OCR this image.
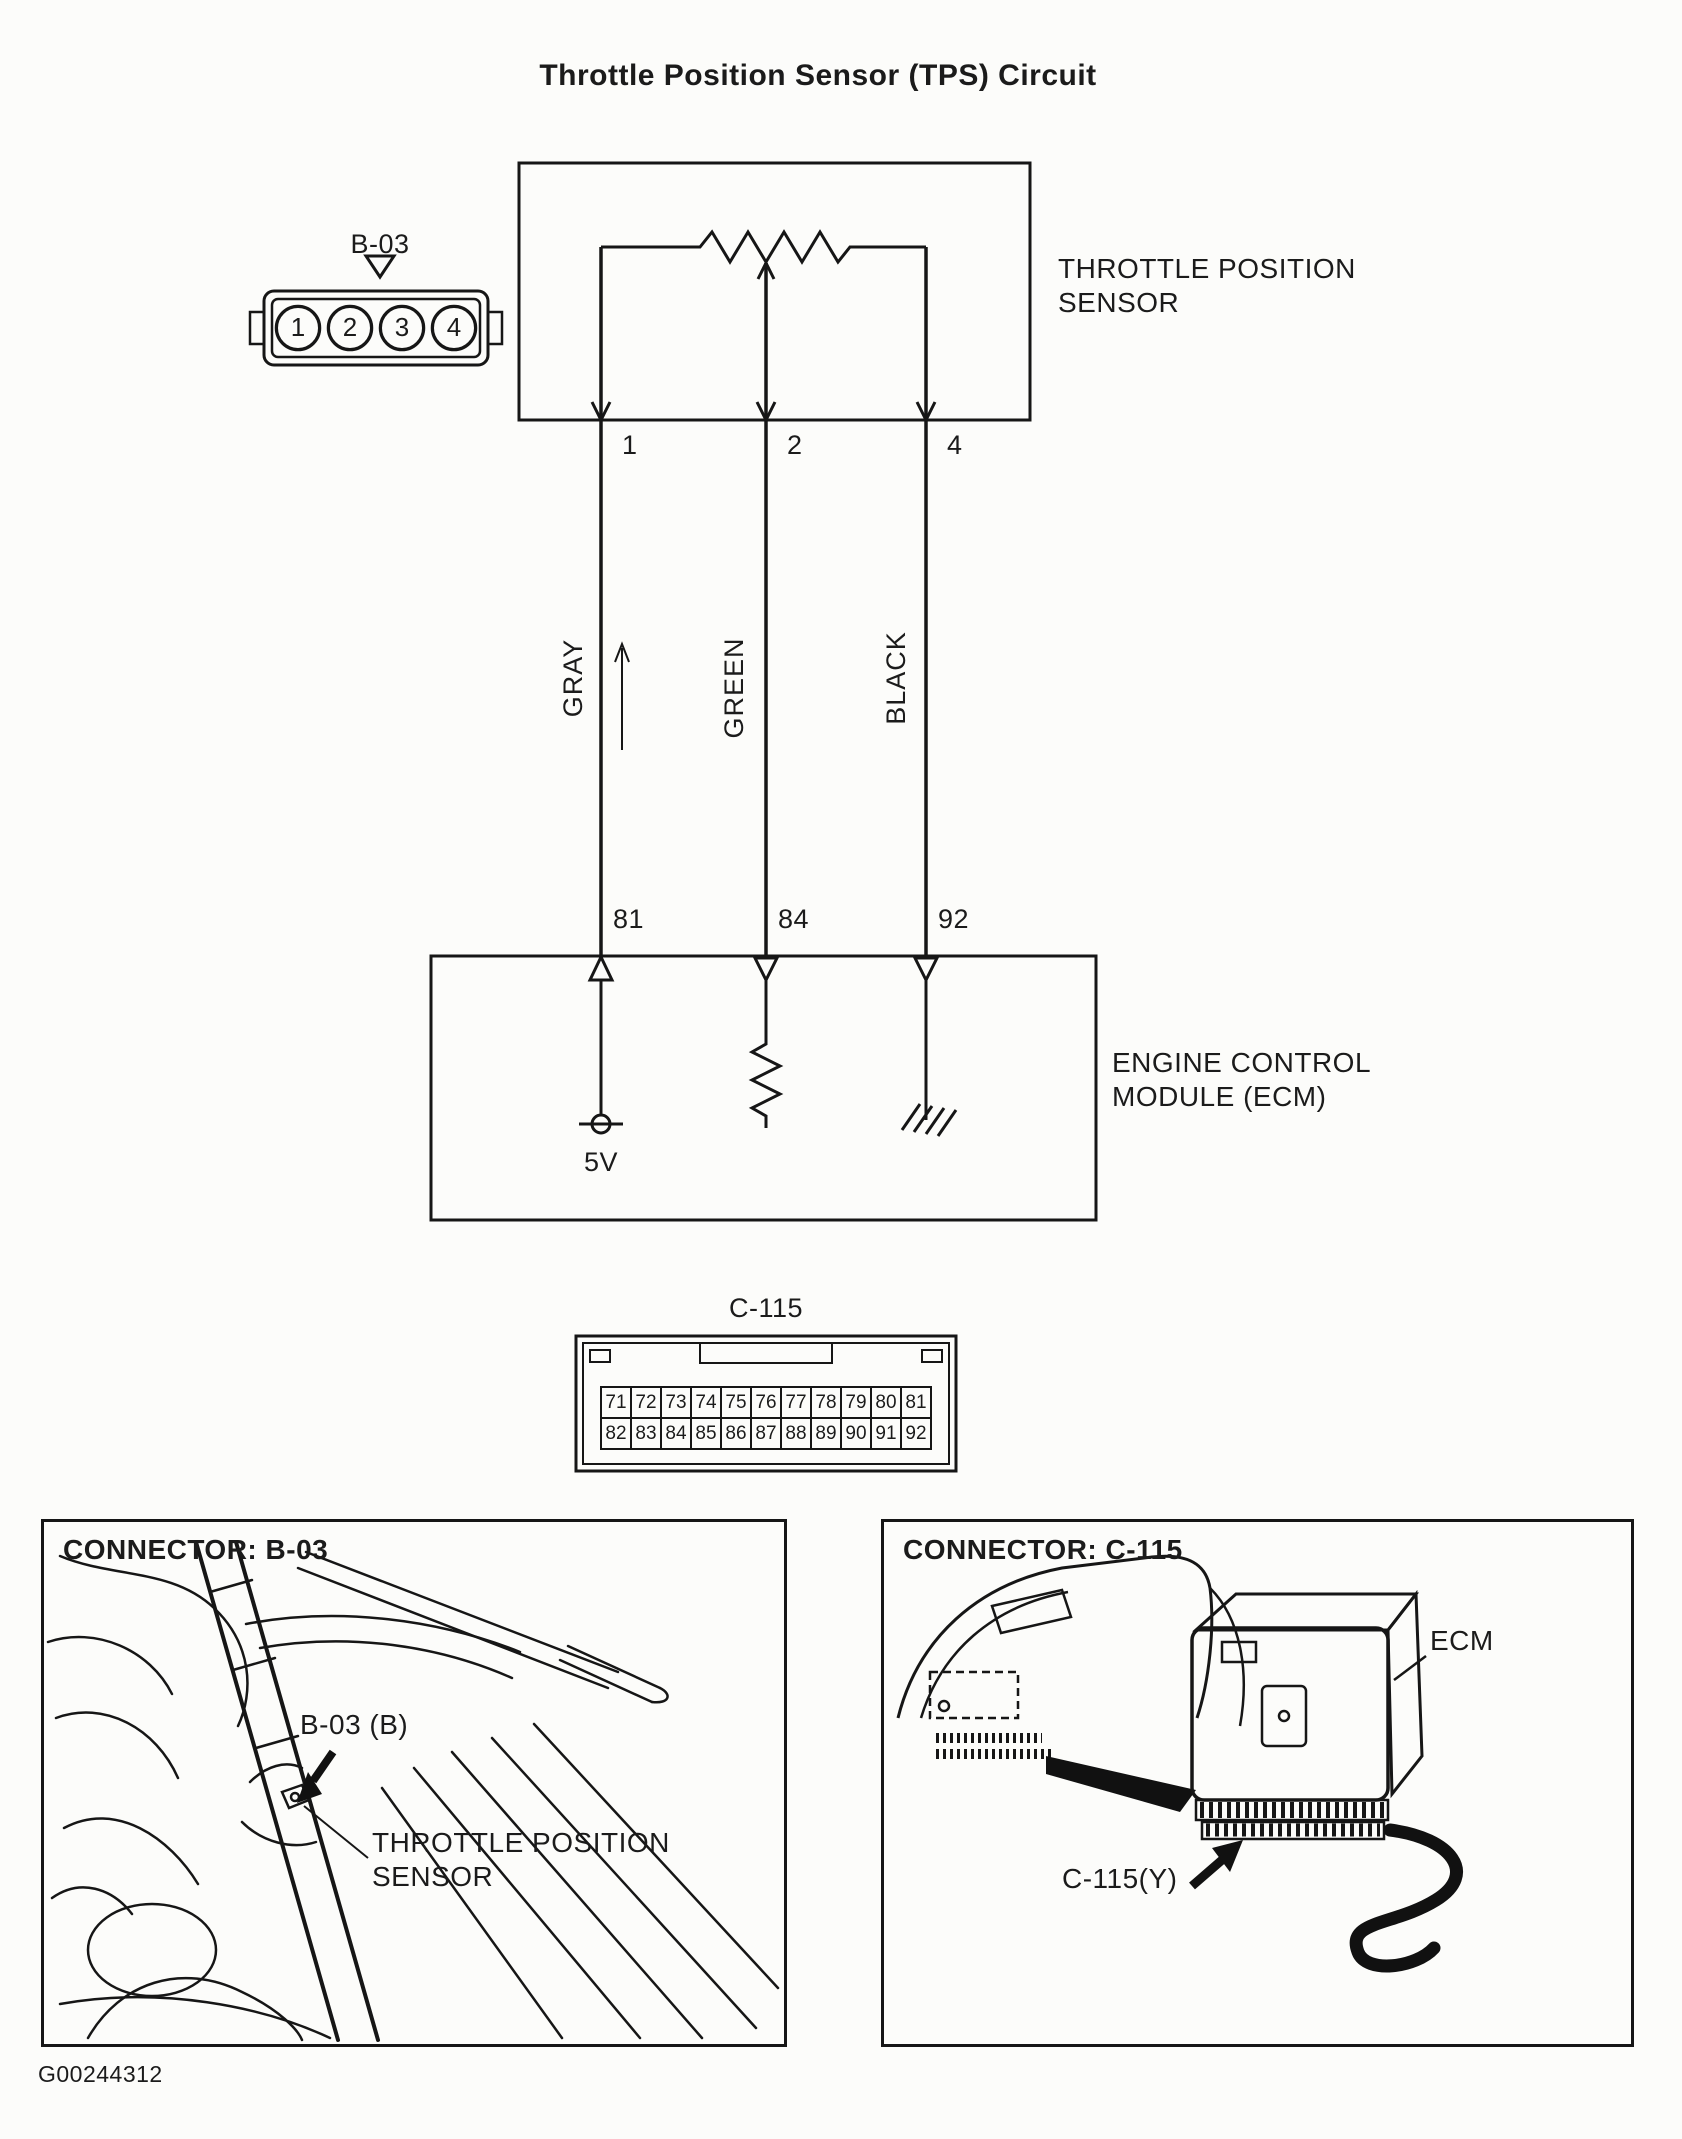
Throttle Position Sensor (TPS) Circuit
B-03
1	2	3	4
THROTTLE POSITION SENSOR
1	2	4
GRAY	GREEN	BLACK
81	84	92
ENGINE CONTROL MODULE (ECM)
5V
C-115
71 72 73 74 75 76 77 78 79 80 81
82 83 84 85 86 87 88 89 90 91 92
CONNECTOR: B-03
B-03 (B)
THROTTLE POSITION SENSOR
CONNECTOR: C-115
ECM
C-115(Y)
G00244312
